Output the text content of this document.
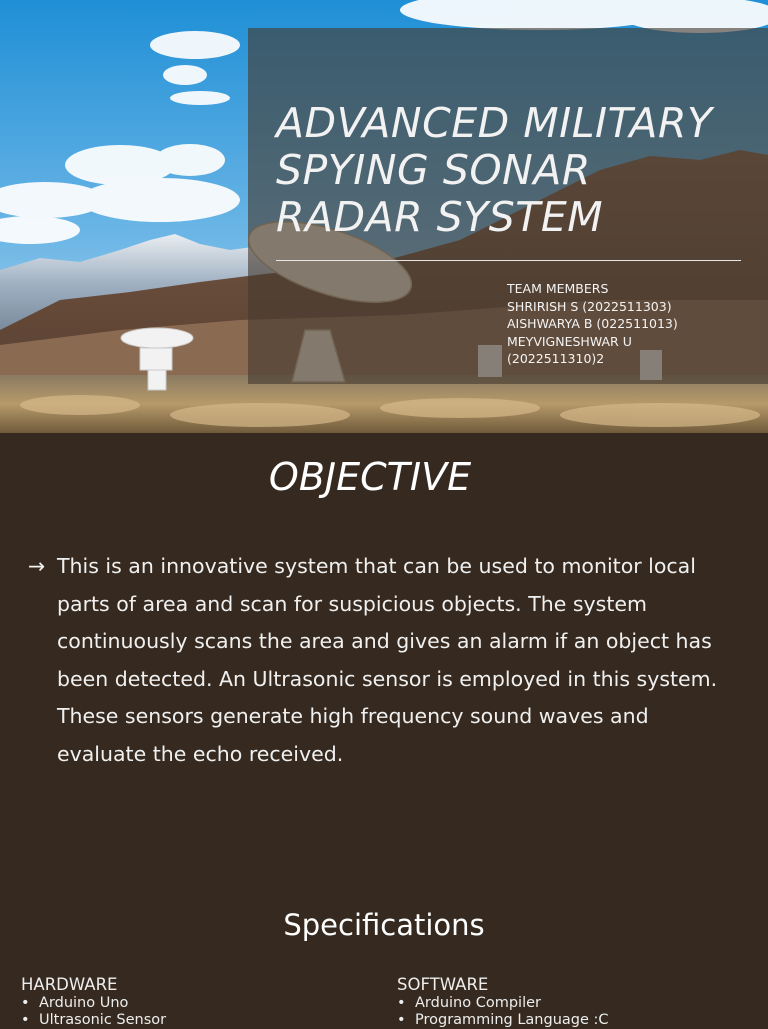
ADVANCED MILITARY SPYING SONAR RADAR SYSTEM
TEAM MEMBERS
SHRIRISH S (2022511303)
AISHWARYA B (022511013)
MEYVIGNESHWAR U
(2022511310)2
OBJECTIVE
→ This is an innovative system that can be used to monitor local parts of area and scan for suspicious objects. The system continuously scans the area and gives an alarm if an object has been detected. An Ultrasonic sensor is employed in this system. These sensors generate high frequency sound waves and evaluate the echo received.
Specifications
HARDWARE
• Arduino Uno
• Ultrasonic Sensor
SOFTWARE
• Arduino Compiler
• Programming Language :C
